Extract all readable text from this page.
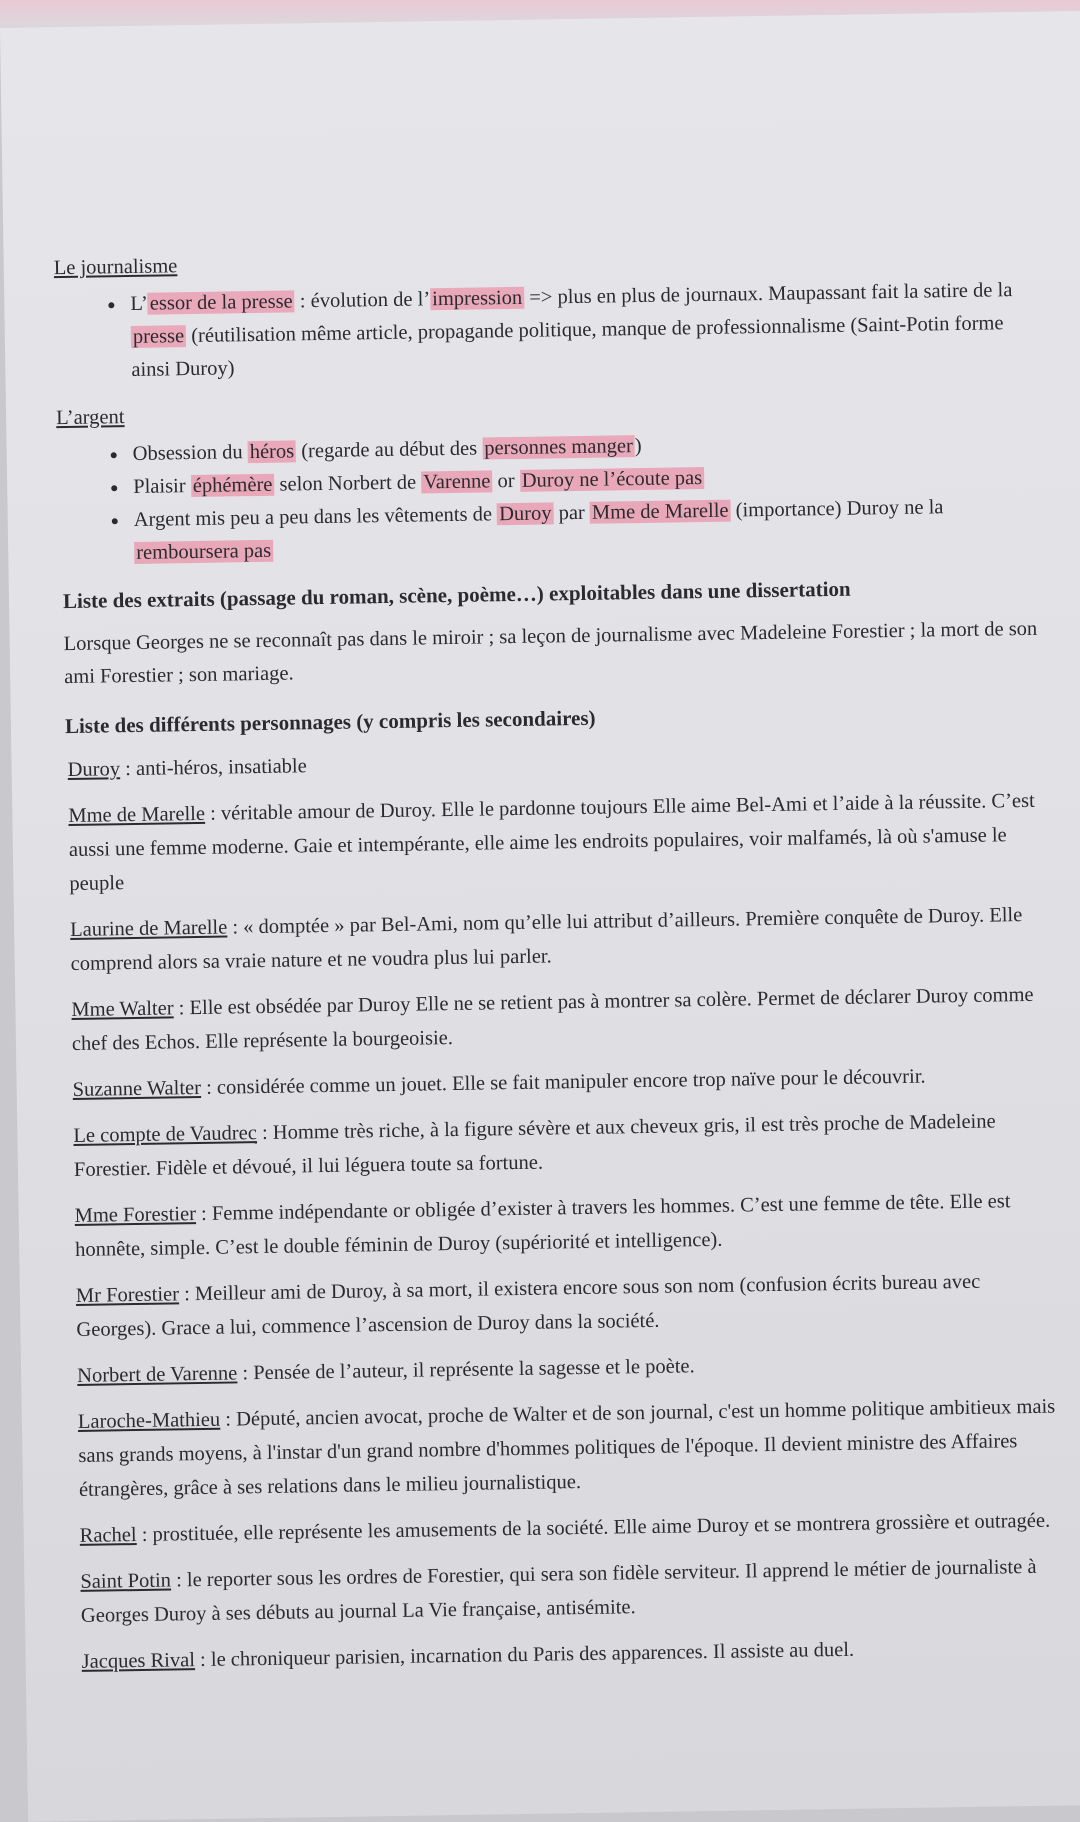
Le journalisme
• L’essor de la presse : évolution de l’impression => plus en plus de journaux. Maupassant fait la satire de la presse (réutilisation même article, propagande politique, manque de professionnalisme (Saint-Potin forme ainsi Duroy)
L’argent
• Obsession du héros (regarde au début des personnes manger)
• Plaisir éphémère selon Norbert de Varenne or Duroy ne l’écoute pas
• Argent mis peu a peu dans les vêtements de Duroy par Mme de Marelle (importance) Duroy ne la remboursera pas
Liste des extraits (passage du roman, scène, poème…) exploitables dans une dissertation
Lorsque Georges ne se reconnaît pas dans le miroir ; sa leçon de journalisme avec Madeleine Forestier ; la mort de son ami Forestier ; son mariage.
Liste des différents personnages (y compris les secondaires)
Duroy : anti-héros, insatiable
Mme de Marelle : véritable amour de Duroy. Elle le pardonne toujours Elle aime Bel-Ami et l’aide à la réussite. C’est aussi une femme moderne. Gaie et intempérante, elle aime les endroits populaires, voir malfamés, là où s'amuse le peuple
Laurine de Marelle : « domptée » par Bel-Ami, nom qu’elle lui attribut d’ailleurs. Première conquête de Duroy. Elle comprend alors sa vraie nature et ne voudra plus lui parler.
Mme Walter : Elle est obsédée par Duroy Elle ne se retient pas à montrer sa colère. Permet de déclarer Duroy comme chef des Echos. Elle représente la bourgeoisie.
Suzanne Walter : considérée comme un jouet. Elle se fait manipuler encore trop naïve pour le découvrir.
Le compte de Vaudrec : Homme très riche, à la figure sévère et aux cheveux gris, il est très proche de Madeleine Forestier. Fidèle et dévoué, il lui léguera toute sa fortune.
Mme Forestier : Femme indépendante or obligée d’exister à travers les hommes. C’est une femme de tête. Elle est honnête, simple. C’est le double féminin de Duroy (supériorité et intelligence).
Mr Forestier : Meilleur ami de Duroy, à sa mort, il existera encore sous son nom (confusion écrits bureau avec Georges). Grace a lui, commence l’ascension de Duroy dans la société.
Norbert de Varenne : Pensée de l’auteur, il représente la sagesse et le poète.
Laroche-Mathieu : Député, ancien avocat, proche de Walter et de son journal, c'est un homme politique ambitieux mais sans grands moyens, à l'instar d'un grand nombre d'hommes politiques de l'époque. Il devient ministre des Affaires étrangères, grâce à ses relations dans le milieu journalistique.
Rachel : prostituée, elle représente les amusements de la société. Elle aime Duroy et se montrera grossière et outragée.
Saint Potin : le reporter sous les ordres de Forestier, qui sera son fidèle serviteur. Il apprend le métier de journaliste à Georges Duroy à ses débuts au journal La Vie française, antisémite.
Jacques Rival : le chroniqueur parisien, incarnation du Paris des apparences. Il assiste au duel.
